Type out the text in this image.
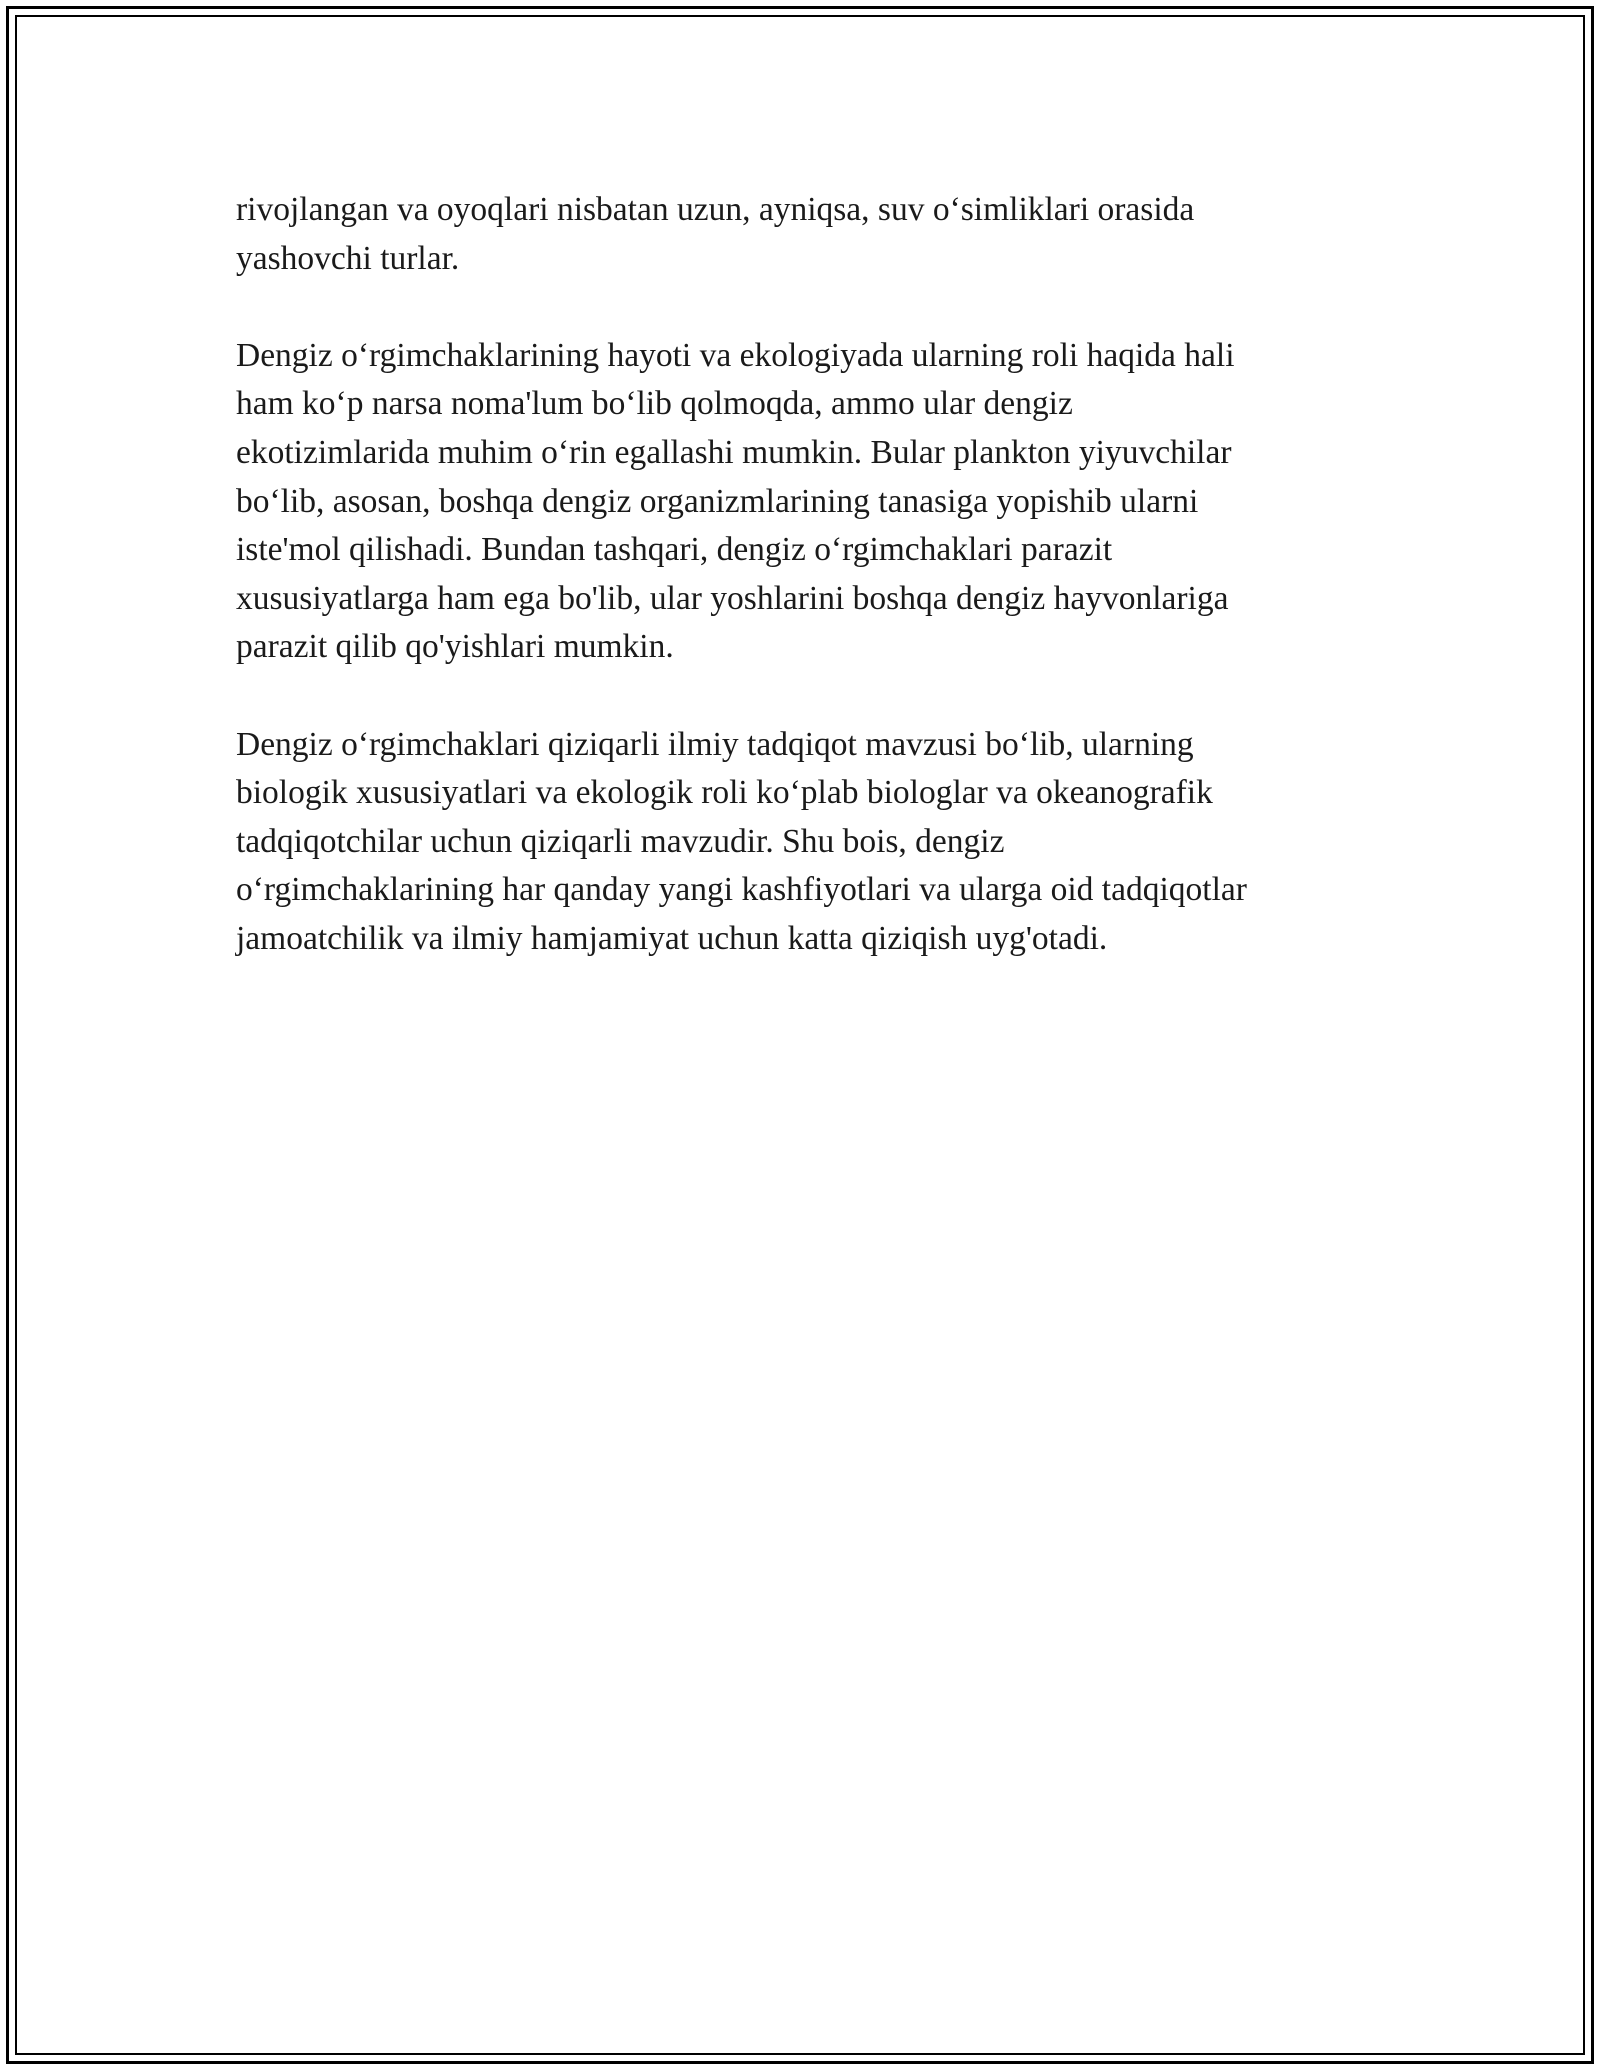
rivojlangan va oyoqlari nisbatan uzun, ayniqsa, suv o‘simliklari orasida
yashovchi turlar.

Dengiz o‘rgimchaklarining hayoti va ekologiyada ularning roli haqida hali
ham ko‘p narsa noma'lum bo‘lib qolmoqda, ammo ular dengiz
ekotizimlarida muhim o‘rin egallashi mumkin. Bular plankton yiyuvchilar
bo‘lib, asosan, boshqa dengiz organizmlarining tanasiga yopishib ularni
iste'mol qilishadi. Bundan tashqari, dengiz o‘rgimchaklari parazit
xususiyatlarga ham ega bo'lib, ular yoshlarini boshqa dengiz hayvonlariga
parazit qilib qo'yishlari mumkin.

Dengiz o‘rgimchaklari qiziqarli ilmiy tadqiqot mavzusi bo‘lib, ularning
biologik xususiyatlari va ekologik roli ko‘plab biologlar va okeanografik
tadqiqotchilar uchun qiziqarli mavzudir. Shu bois, dengiz
o‘rgimchaklarining har qanday yangi kashfiyotlari va ularga oid tadqiqotlar
jamoatchilik va ilmiy hamjamiyat uchun katta qiziqish uyg'otadi.
